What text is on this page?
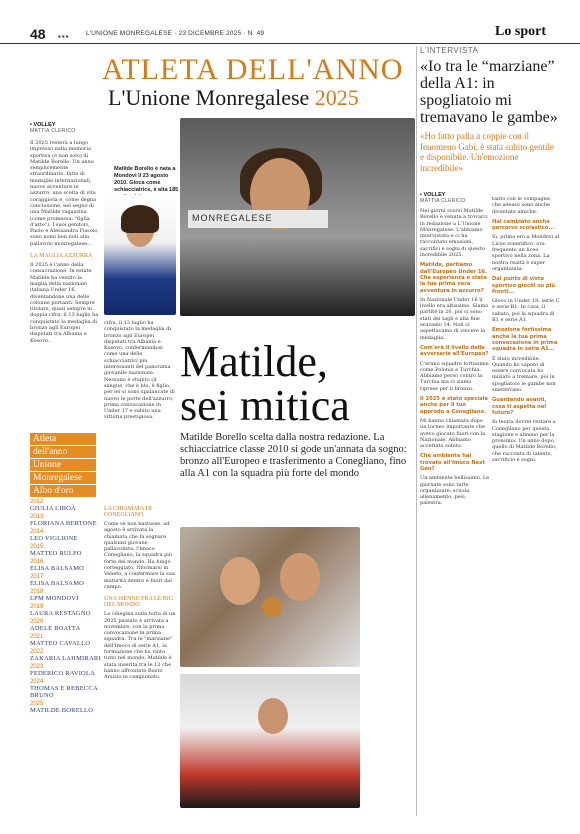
48 ▪▪▪	L'UNIONE MONREGALESE · 23 DICEMBRE 2025 · N. 49	Lo sport
ATLETA DELL'ANNO
L'Unione Monregalese 2025
▪ VOLLEY
MATTIA CLERICO
Il 2025 resterà a lungo impresso nella memoria sportiva (e non solo) di Matilde Borello. Un anno semplicemente straordinario, fatto di medaglie internazionali, nuove avventure in azzurro, una scelta di vita coraggiosa e, come degna conclusione, nel segno di una Matilde ragazzina (come promessa: "figlia d'arte"). I suoi genitori, Paolo e Alessandra Fissolo, sono nomi ben noti alla pallavolo monregalese...
LA MAGLIA AZZURRA
Il 2025 è l'anno della consacrazione. In estate Matilde ha vestito la maglia della nazionale italiana Under 16, diventandone una delle colonne portanti. Sempre titolare, quasi sempre in doppia cifra, il 13 luglio ha conquistato la medaglia di bronzo agli Europei disputati tra Albania e Kosovo.
Matilde Borello è nata a Mondovì il 23 agosto 2010. Gioca come schiacciatrice, è alta 185
MONREGALESE
cifra, il 13 luglio ha conquistato la medaglia di bronzo agli Europei disputati tra Albania e Kosovo, confermandosi come una delle schiacciatrici più interessanti del panorama giovanile nazionale. Nessuno è stupito (il sangue, che è blu, è figlio, per lei si sono spalancate di nuovo le porte dell'azzurro, prima convocazione in Under 17 e subito una vittoria prestigiosa.
Matilde,
sei mitica
Matilde Borello scelta dalla nostra redazione. La schiacciatrice classe 2010 si gode un'annata da sogno: bronzo all'Europeo e trasferimento a Conegliano, fino alla A1 con la squadra più forte del mondo
LA CHIAMATA DI CONEGLIANO
Come se non bastasse, ad agosto è arrivata la chiamata che fa sognare qualsiasi giovane pallavolista: l'Imoco Conegliano, la squadra più forte del mondo. Ha lungo corteggiato, riformarsi in Veneto, a confermare la sua maturità dentro e fuori dal campo.
UNA ISENNE TRA LE BIG DEL MONDO
La ciliegina sulla torta di un 2025 passato è arrivata a novembre, con la prima convocazione in prima squadra. Tra le "marziane" dell'Imoco di serie A1, la formazione che ha vinto tutto nel mondo, Matilde è stata inserita tra le 12 che hanno affrontato Busto Arsizio in campionato.
Atleta
dell'anno
Unione
Monregalese
Albo d'oro
2012
GIULIA LIBOÀ
2013
FLORIANA BERTONE
2014
LEO VIGLIONE
2015
MATTEO RULFO
2016
ELISA BALSAMO
2017
ELISA BALSAMO
2018
LPM MONDOVÌ
2019
LAURA RESTAGNO
2020
ADELE BOATTA
2021
MATTEO CAVALLO
2022
ZAKARIA LAHMIRARI
2023
FEDERICO RAVIOLA
2024
THOMAS E REBECCA BRUNO
2025
MATILDE BORELLO
L'INTERVISTA
«Io tra le “marziane” della A1: in spogliatoio mi tremavano le gambe»
«Ho fatto palla a coppie con il fenomeno Gabi, è stata subito gentile e disponibile. Un'emozione incredibile»
▪ VOLLEY
MATTIA CLERICO
Nei giorni scorsi Matilde Borello è venuta a trovarci in redazione a L'Unione Monregalese. L'abbiamo intervistata e ci ha raccontato emozioni, sacrifici e sogni di questo incredibile 2025.
Matilde, partiamo dall'Europeo Under 16. Che esperienza è stata la tua prima vera avventura in azzurro?
In Nazionale Under 16 il livello era altissimo. Siamo partite in 20, poi ci sono stati dei tagli e alla fine eravamo 14. Non ci aspettavamo di vincere la medaglia.
Com'era il livello delle avversarie all'Europeo?
C'erano squadre fortissime come Polonia e Turchia. Abbiamo perso contro la Turchia ma ci siamo riprese per il bronzo.
Il 2025 è stato speciale anche per il tuo approdo a Conegliano.
Mi hanno chiamata dopo un torneo importante che avevo giocato fuori con la Nazionale. Abbiamo accettato subito.
Che ambiente hai trovato all'Imoco Next Gen?
Un ambiente bellissimo. Le giornate sono tutte organizzate: scuola, allenamento, pesi, palestra.
tanto con le compagne, che adesso sono anche diventate amiche.
Hai cambiato anche percorso scolastico...
Sì, prima ero a Mondovì al Liceo scientifico, ora frequento un liceo sportivo nella zona. La nostra realtà è super organizzata.
Dal punto di vista sportivo giochi su più fronti...
Gioco in Under 18, serie C e serie B1. In casa, il sabato, poi la squadra di B1 e serie A1.
Emozione fortissima anche la tua prima convocazione in prima squadra in serie A1...
È stato incredibile. Quando ho saputo di essere convocata ho iniziato a tremare, poi in spogliatoio le gambe non smettevano.
Guardando avanti, cosa ti aspetta nel futuro?
In teoria dovrei restare a Conegliano per questa stagione e almeno per la prossima. Un anno dopo, quello di Matilde Borello, che racconta di talento, sacrificio e sogni.
